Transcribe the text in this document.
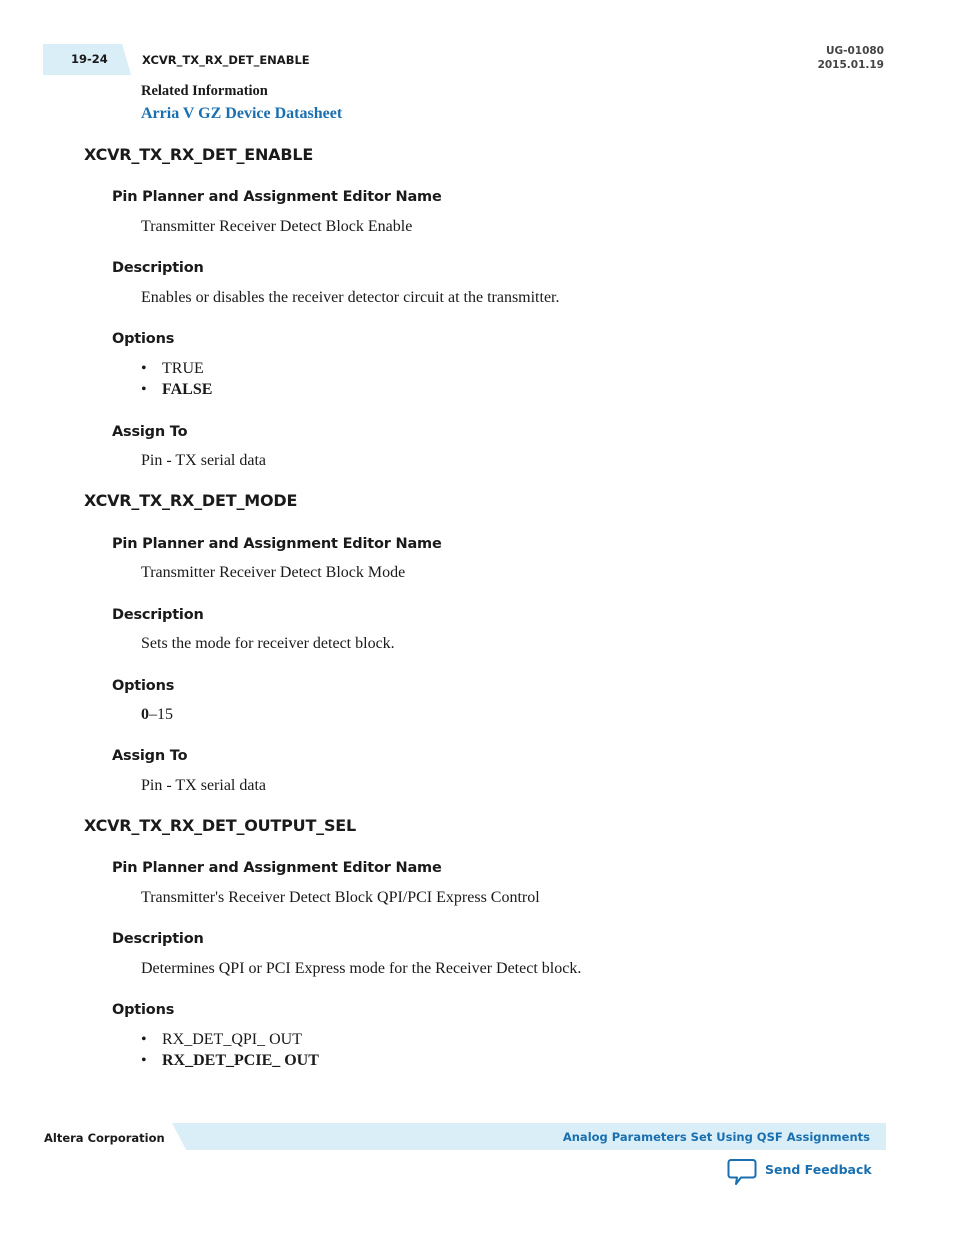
19-24	XCVR_TX_RX_DET_ENABLE
UG-01080
2015.01.19
Related Information
Arria V GZ Device Datasheet
XCVR_TX_RX_DET_ENABLE
Pin Planner and Assignment Editor Name
Transmitter Receiver Detect Block Enable
Description
Enables or disables the receiver detector circuit at the transmitter.
Options
• TRUE
• FALSE
Assign To
Pin - TX serial data
XCVR_TX_RX_DET_MODE
Pin Planner and Assignment Editor Name
Transmitter Receiver Detect Block Mode
Description
Sets the mode for receiver detect block.
Options
0–15
Assign To
Pin - TX serial data
XCVR_TX_RX_DET_OUTPUT_SEL
Pin Planner and Assignment Editor Name
Transmitter's Receiver Detect Block QPI/PCI Express Control
Description
Determines QPI or PCI Express mode for the Receiver Detect block.
Options
• RX_DET_QPI_ OUT
• RX_DET_PCIE_ OUT
Altera Corporation	Analog Parameters Set Using QSF Assignments
Send Feedback
